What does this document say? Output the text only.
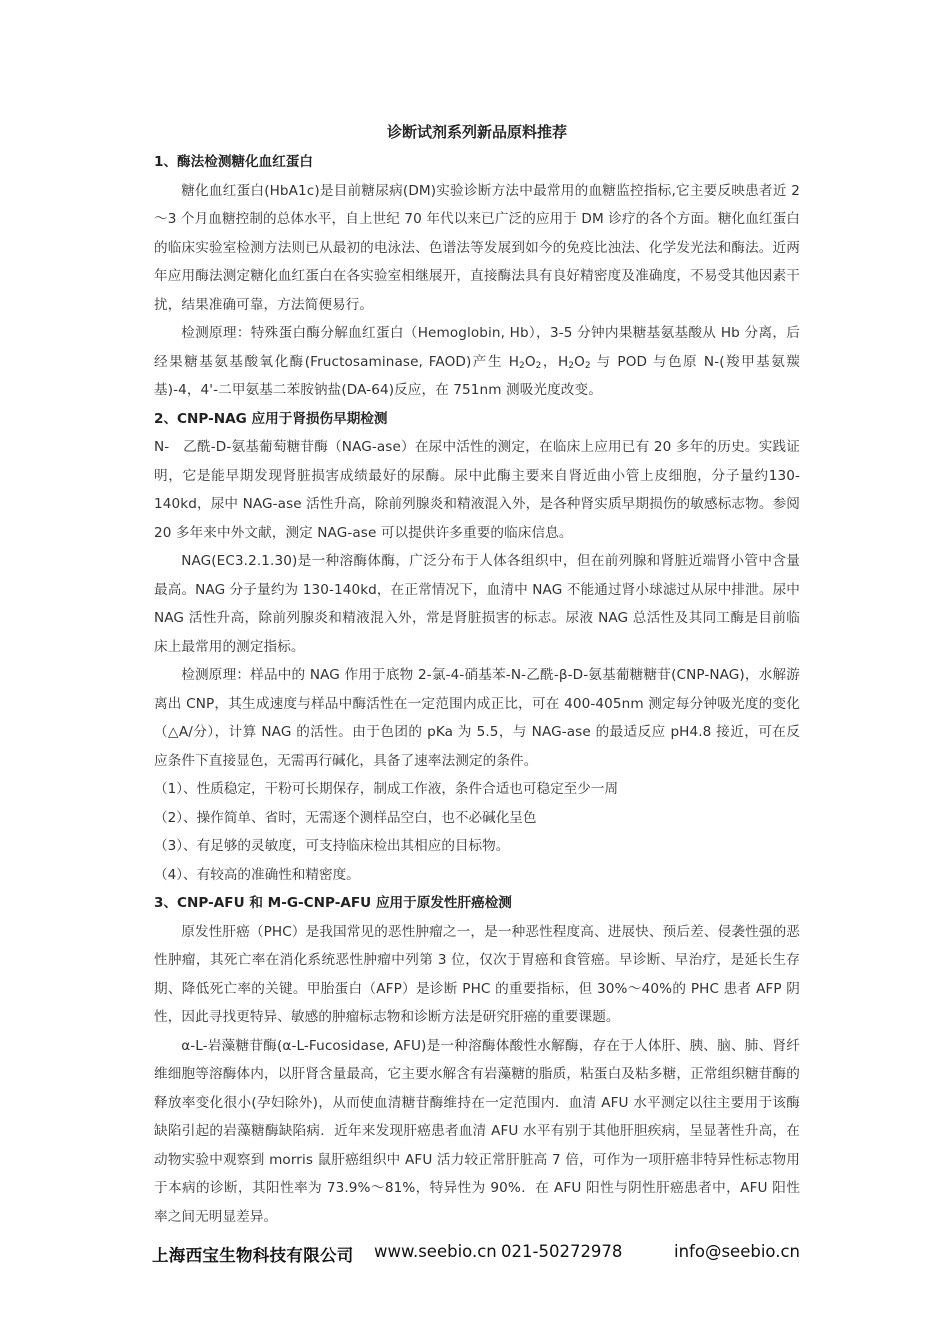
诊断试剂系列新品原料推荐
1、酶法检测糖化血红蛋白
糖化血红蛋白(HbA1c)是目前糖尿病(DM)实验诊断方法中最常用的血糖监控指标,它主要反映患者近 2～3 个月血糖控制的总体水平，自上世纪 70 年代以来已广泛的应用于 DM 诊疗的各个方面。糖化血红蛋白的临床实验室检测方法则已从最初的电泳法、色谱法等发展到如今的免疫比浊法、化学发光法和酶法。近两年应用酶法测定糖化血红蛋白在各实验室相继展开，直接酶法具有良好精密度及准确度，不易受其他因素干扰，结果准确可靠，方法简便易行。
检测原理：特殊蛋白酶分解血红蛋白（Hemoglobin, Hb），3-5 分钟内果糖基氨基酸从 Hb 分离，后经果糖基氨基酸氧化酶(Fructosaminase, FAOD)产生 $H_2O_2$，$H_2O_2$ 与 POD 与色原 N-(羧甲基氨羰基)-4，4'-二甲氨基二苯胺钠盐(DA-64)反应，在 751nm 测吸光度改变。
2、CNP-NAG 应用于肾损伤早期检测
N-　乙酰-D-氨基葡萄糖苷酶（NAG-ase）在尿中活性的测定，在临床上应用已有 20 多年的历史。实践证明，它是能早期发现肾脏损害成绩最好的尿酶。尿中此酶主要来自肾近曲小管上皮细胞，分子量约130-140kd，尿中 NAG-ase 活性升高，除前列腺炎和精液混入外，是各种肾实质早期损伤的敏感标志物。参阅 20 多年来中外文献，测定 NAG-ase 可以提供许多重要的临床信息。
NAG(EC3.2.1.30)是一种溶酶体酶，广泛分布于人体各组织中，但在前列腺和肾脏近端肾小管中含量最高。NAG 分子量约为 130-140kd，在正常情况下，血清中 NAG 不能通过肾小球滤过从尿中排泄。尿中 NAG 活性升高，除前列腺炎和精液混入外，常是肾脏损害的标志。尿液 NAG 总活性及其同工酶是目前临床上最常用的测定指标。
检测原理：样品中的 NAG 作用于底物 2-氯-4-硝基苯-N-乙酰-β-D-氨基葡糖糖苷(CNP-NAG)，水解游离出 CNP，其生成速度与样品中酶活性在一定范围内成正比，可在 400-405nm 测定每分钟吸光度的变化（△A/分），计算 NAG 的活性。由于色团的 pKa 为 5.5，与 NAG-ase 的最适反应 pH4.8 接近，可在反应条件下直接显色，无需再行碱化，具备了速率法测定的条件。
（1）、性质稳定，干粉可长期保存，制成工作液，条件合适也可稳定至少一周
（2）、操作简单、省时，无需逐个测样品空白，也不必碱化呈色
（3）、有足够的灵敏度，可支持临床检出其相应的目标物。
（4）、有较高的准确性和精密度。
3、CNP-AFU 和 M-G-CNP-AFU 应用于原发性肝癌检测
原发性肝癌（PHC）是我国常见的恶性肿瘤之一，是一种恶性程度高、进展快、预后差、侵袭性强的恶性肿瘤，其死亡率在消化系统恶性肿瘤中列第 3 位，仅次于胃癌和食管癌。早诊断、早治疗，是延长生存期、降低死亡率的关键。甲胎蛋白（AFP）是诊断 PHC 的重要指标，但 30%～40%的 PHC 患者 AFP 阴性，因此寻找更特异、敏感的肿瘤标志物和诊断方法是研究肝癌的重要课题。
α-L-岩藻糖苷酶(α-L-Fucosidase, AFU)是一种溶酶体酸性水解酶，存在于人体肝、胰、脑、肺、肾纤维细胞等溶酶体内，以肝肾含量最高，它主要水解含有岩藻糖的脂质，粘蛋白及粘多糖，正常组织糖苷酶的释放率变化很小(孕妇除外)，从而使血清糖苷酶维持在一定范围内．血清 AFU 水平测定以往主要用于该酶缺陷引起的岩藻糖酶缺陷病．近年来发现肝癌患者血清 AFU 水平有别于其他肝胆疾病，呈显著性升高，在动物实验中观察到 morris 鼠肝癌组织中 AFU 活力较正常肝脏高 7 倍，可作为一项肝癌非特异性标志物用于本病的诊断，其阳性率为 73.9%～81%，特异性为 90%．在 AFU 阳性与阴性肝癌患者中，AFU 阳性率之间无明显差异。
上海西宝生物科技有限公司 www.seebio.cn 021-50272978	info@seebio.cn
